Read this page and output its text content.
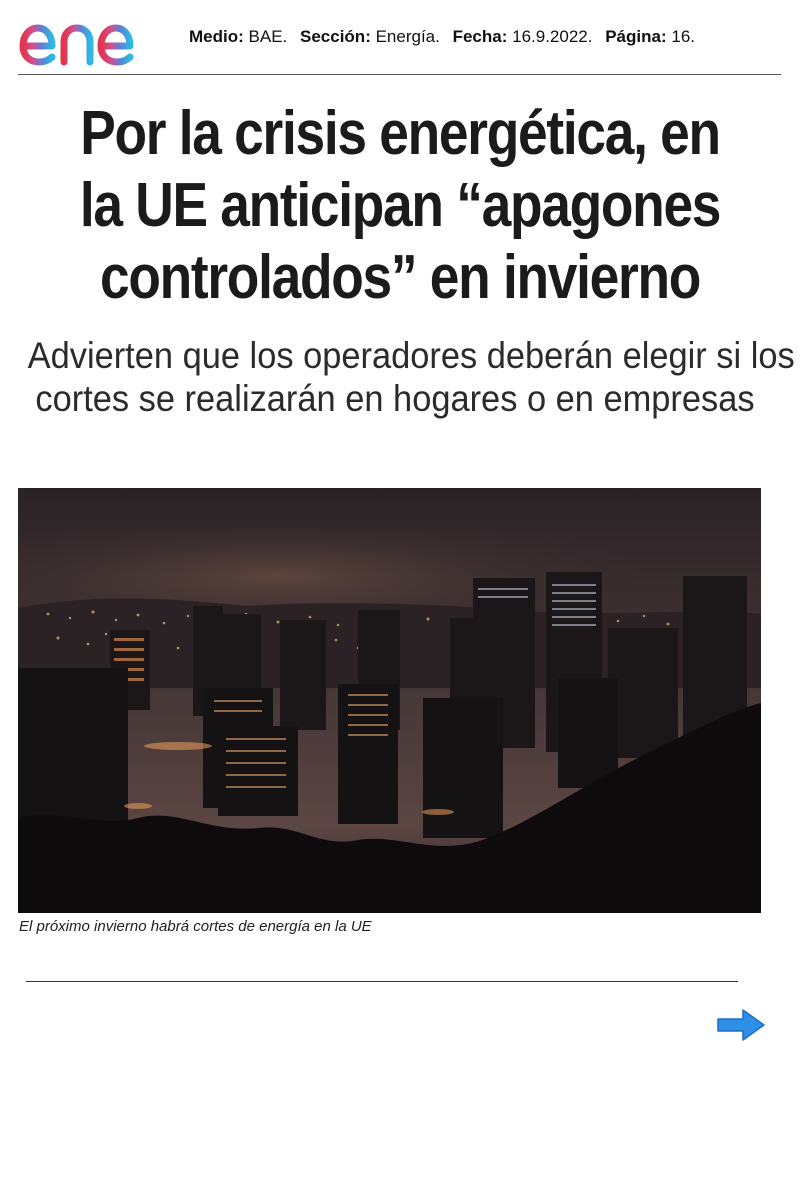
Medio: BAE. Sección: Energía. Fecha: 16.9.2022. Página: 16.
Por la crisis energética, en
la UE anticipan “apagones
controlados” en invierno
Advierten que los operadores deberán elegir si los
cortes se realizarán en hogares o en empresas
El próximo invierno habrá cortes de energía en la UE
